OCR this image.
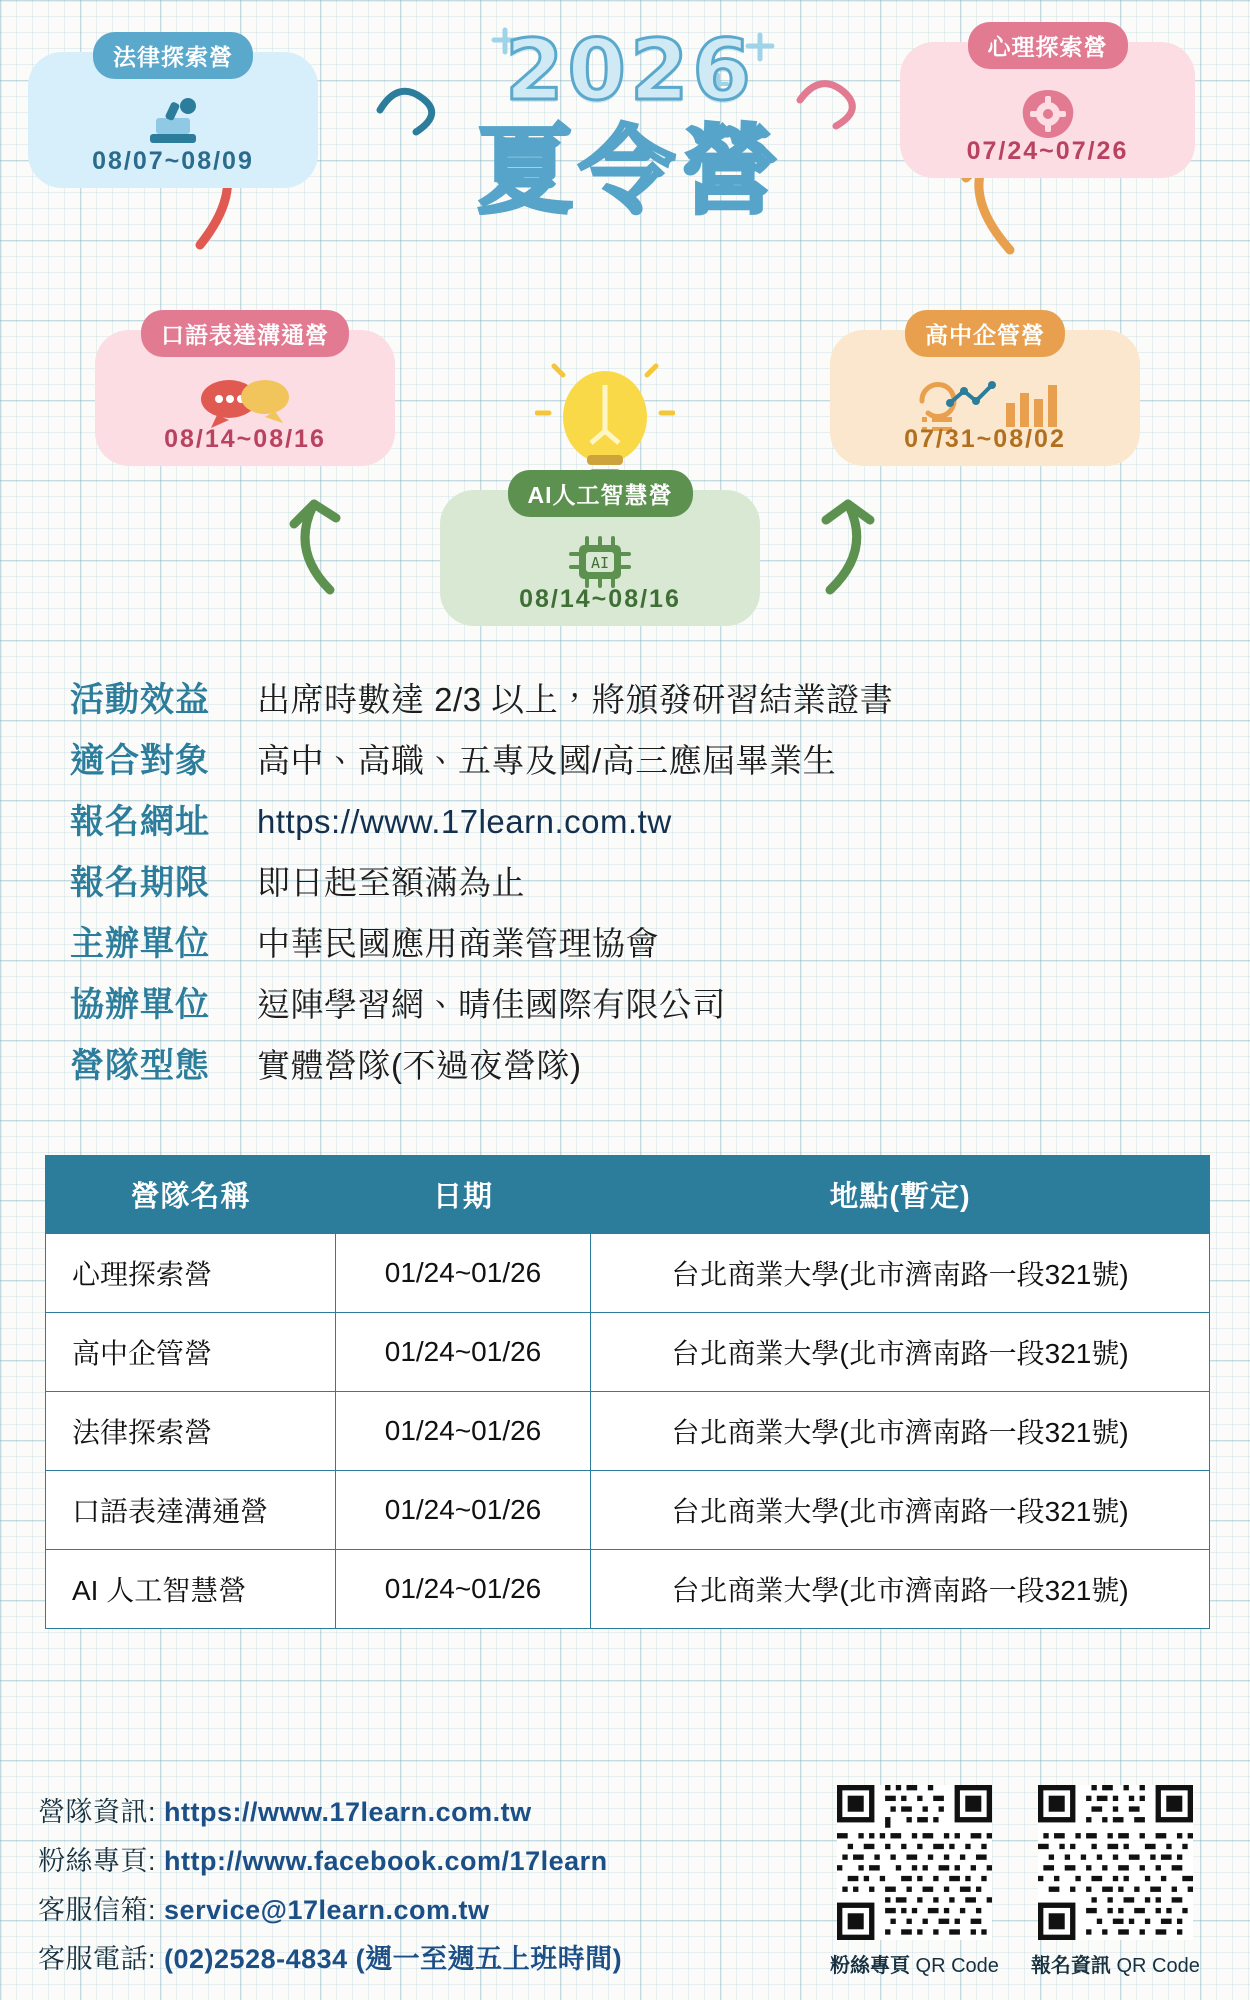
2026
夏令營
法律探索營
08/07~08/09
心理探索營
07/24~07/26
口語表達溝通營
08/14~08/16
高中企管營
07/31~08/02
AI人工智慧營
AI
08/14~08/16
活動效益	出席時數達 2/3 以上，將頒發研習結業證書
適合對象	高中、高職、五專及國/高三應屆畢業生
報名網址	https://www.17learn.com.tw
報名期限	即日起至額滿為止
主辦單位	中華民國應用商業管理協會
協辦單位	逗陣學習網、晴佳國際有限公司
營隊型態	實體營隊(不過夜營隊)
營隊名稱	日期	地點(暫定)
心理探索營	01/24~01/26	台北商業大學(北市濟南路一段321號)
高中企管營	01/24~01/26	台北商業大學(北市濟南路一段321號)
法律探索營	01/24~01/26	台北商業大學(北市濟南路一段321號)
口語表達溝通營	01/24~01/26	台北商業大學(北市濟南路一段321號)
AI 人工智慧營	01/24~01/26	台北商業大學(北市濟南路一段321號)
營隊資訊: https://www.17learn.com.tw
粉絲專頁: http://www.facebook.com/17learn
客服信箱: service@17learn.com.tw
客服電話: (02)2528-4834 (週一至週五上班時間)	粉絲專頁 QR Code 報名資訊 QR Code
